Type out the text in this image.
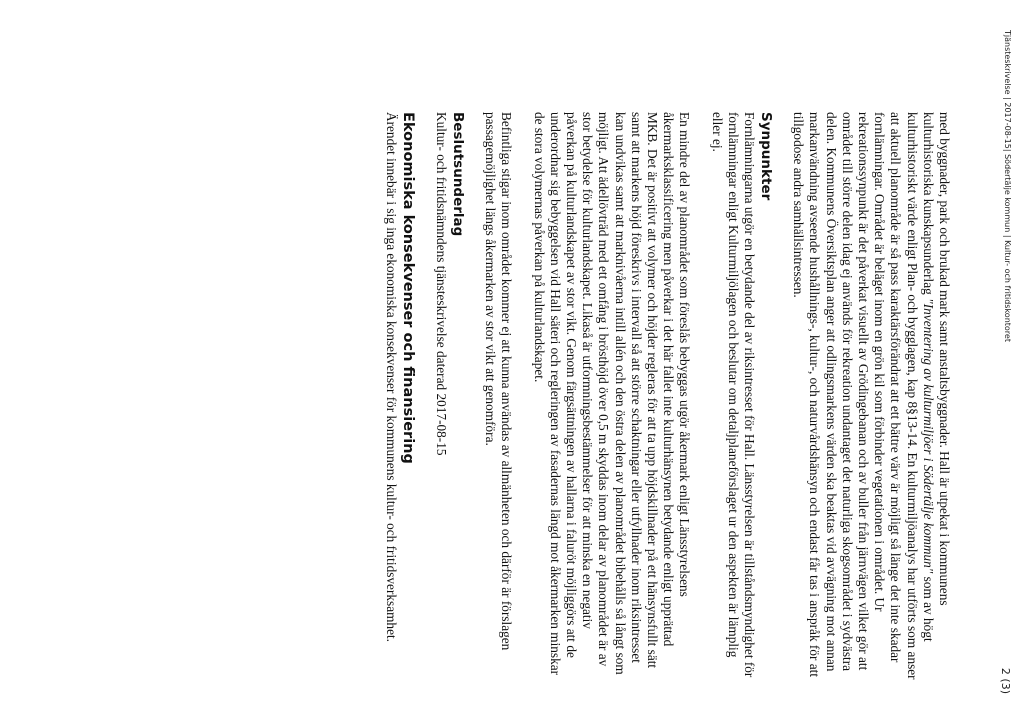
Tjänsteskrivelse | 2017-08-15| Södertälje kommun | Kultur- och fritidskontoret
2 (3)

med byggnader, park och brukad mark samt anstaltsbyggnader. Hall är utpekat i kommunens kulturhistoriska kunskapsunderlag "Inventering av kulturmiljöer i Södertälje kommun" som av högt kulturhistoriskt värde enligt Plan- och bygglagen, kap 8§13-14. En kulturmiljöanalys har utförts som anser att aktuell planområde är så pass karaktärsförändrat att ett bättre värv är möjligt så länge det inte skadar fornlämningar. Området är beläget inom en grön kil som förbinder vegetationen i området. Ur rekreationssynpunkt är det påverkat visuellt av Grödingebanan och av buller från järnvägen vilket gör att området till större delen idag ej används för rekreation undantaget det naturliga skogsområdet i sydvästra delen. Kommunens Översiktsplan anger att odlingsmarkens värden ska beaktas vid avvägning mot annan markanvändning avseende hushållnings-, kultur-, och naturvårdshänsyn och endast får tas i anspråk för att tillgodose andra samhällsintressen.

Synpunkter

Fornlämningarna utgör en betydande del av riksintresset för Hall. Länsstyrelsen är tillståndsmyndighet för fornlämningar enligt Kulturmiljölagen och beslutar om detaljplaneförslaget ur den aspekten är lämplig eller ej.

En mindre del av planområdet som föreslås bebyggas utgör åkermark enligt Länsstyrelsens åkermarksklassificering men påverkar i det här fallet inte kulturhänsynen betydande enligt upprättad MKB. Det är positivt att volymer och höjder regleras för att ta upp höjdskillnader på ett hänsynsfullt sätt samt att markens höjd föreskrivs i intervall så att större schaktningar eller utfyllnader inom riksintresset kan undvikas samt att marknivåerna intill allén och den östra delen av planområdet bibehålls så långt som möjligt. Att ädellövträd med ett omfång i brösthöjd över 0,5 m skyddas inom delar av planområdet är av stor betydelse för kulturlandskapet. Likaså är utformningsbestämmelser för att minska en negativ påverkan på kulturlandskapet av stor vikt. Genom färgsättningen av hallarna i faluröt möjliggörs att de underordnar sig bebyggelsen vid Hall säteri och regleringen av fasadernas längd mot åkermarken minskar de stora volymernas påverkan på kulturlandskapet.

Befintliga stigar inom området kommer ej att kunna användas av allmänheten och därför är förslagen passagemöjlighet längs åkermarken av stor vikt att genomföra.

Beslutsunderlag

Kultur- och fritidsnämndens tjänsteskrivelse daterad 2017-08-15

Ekonomiska konsekvenser och finansiering

Ärendet innebär i sig inga ekonomiska konsekvenser för kommunens kultur- och fritidsverksamhet.
